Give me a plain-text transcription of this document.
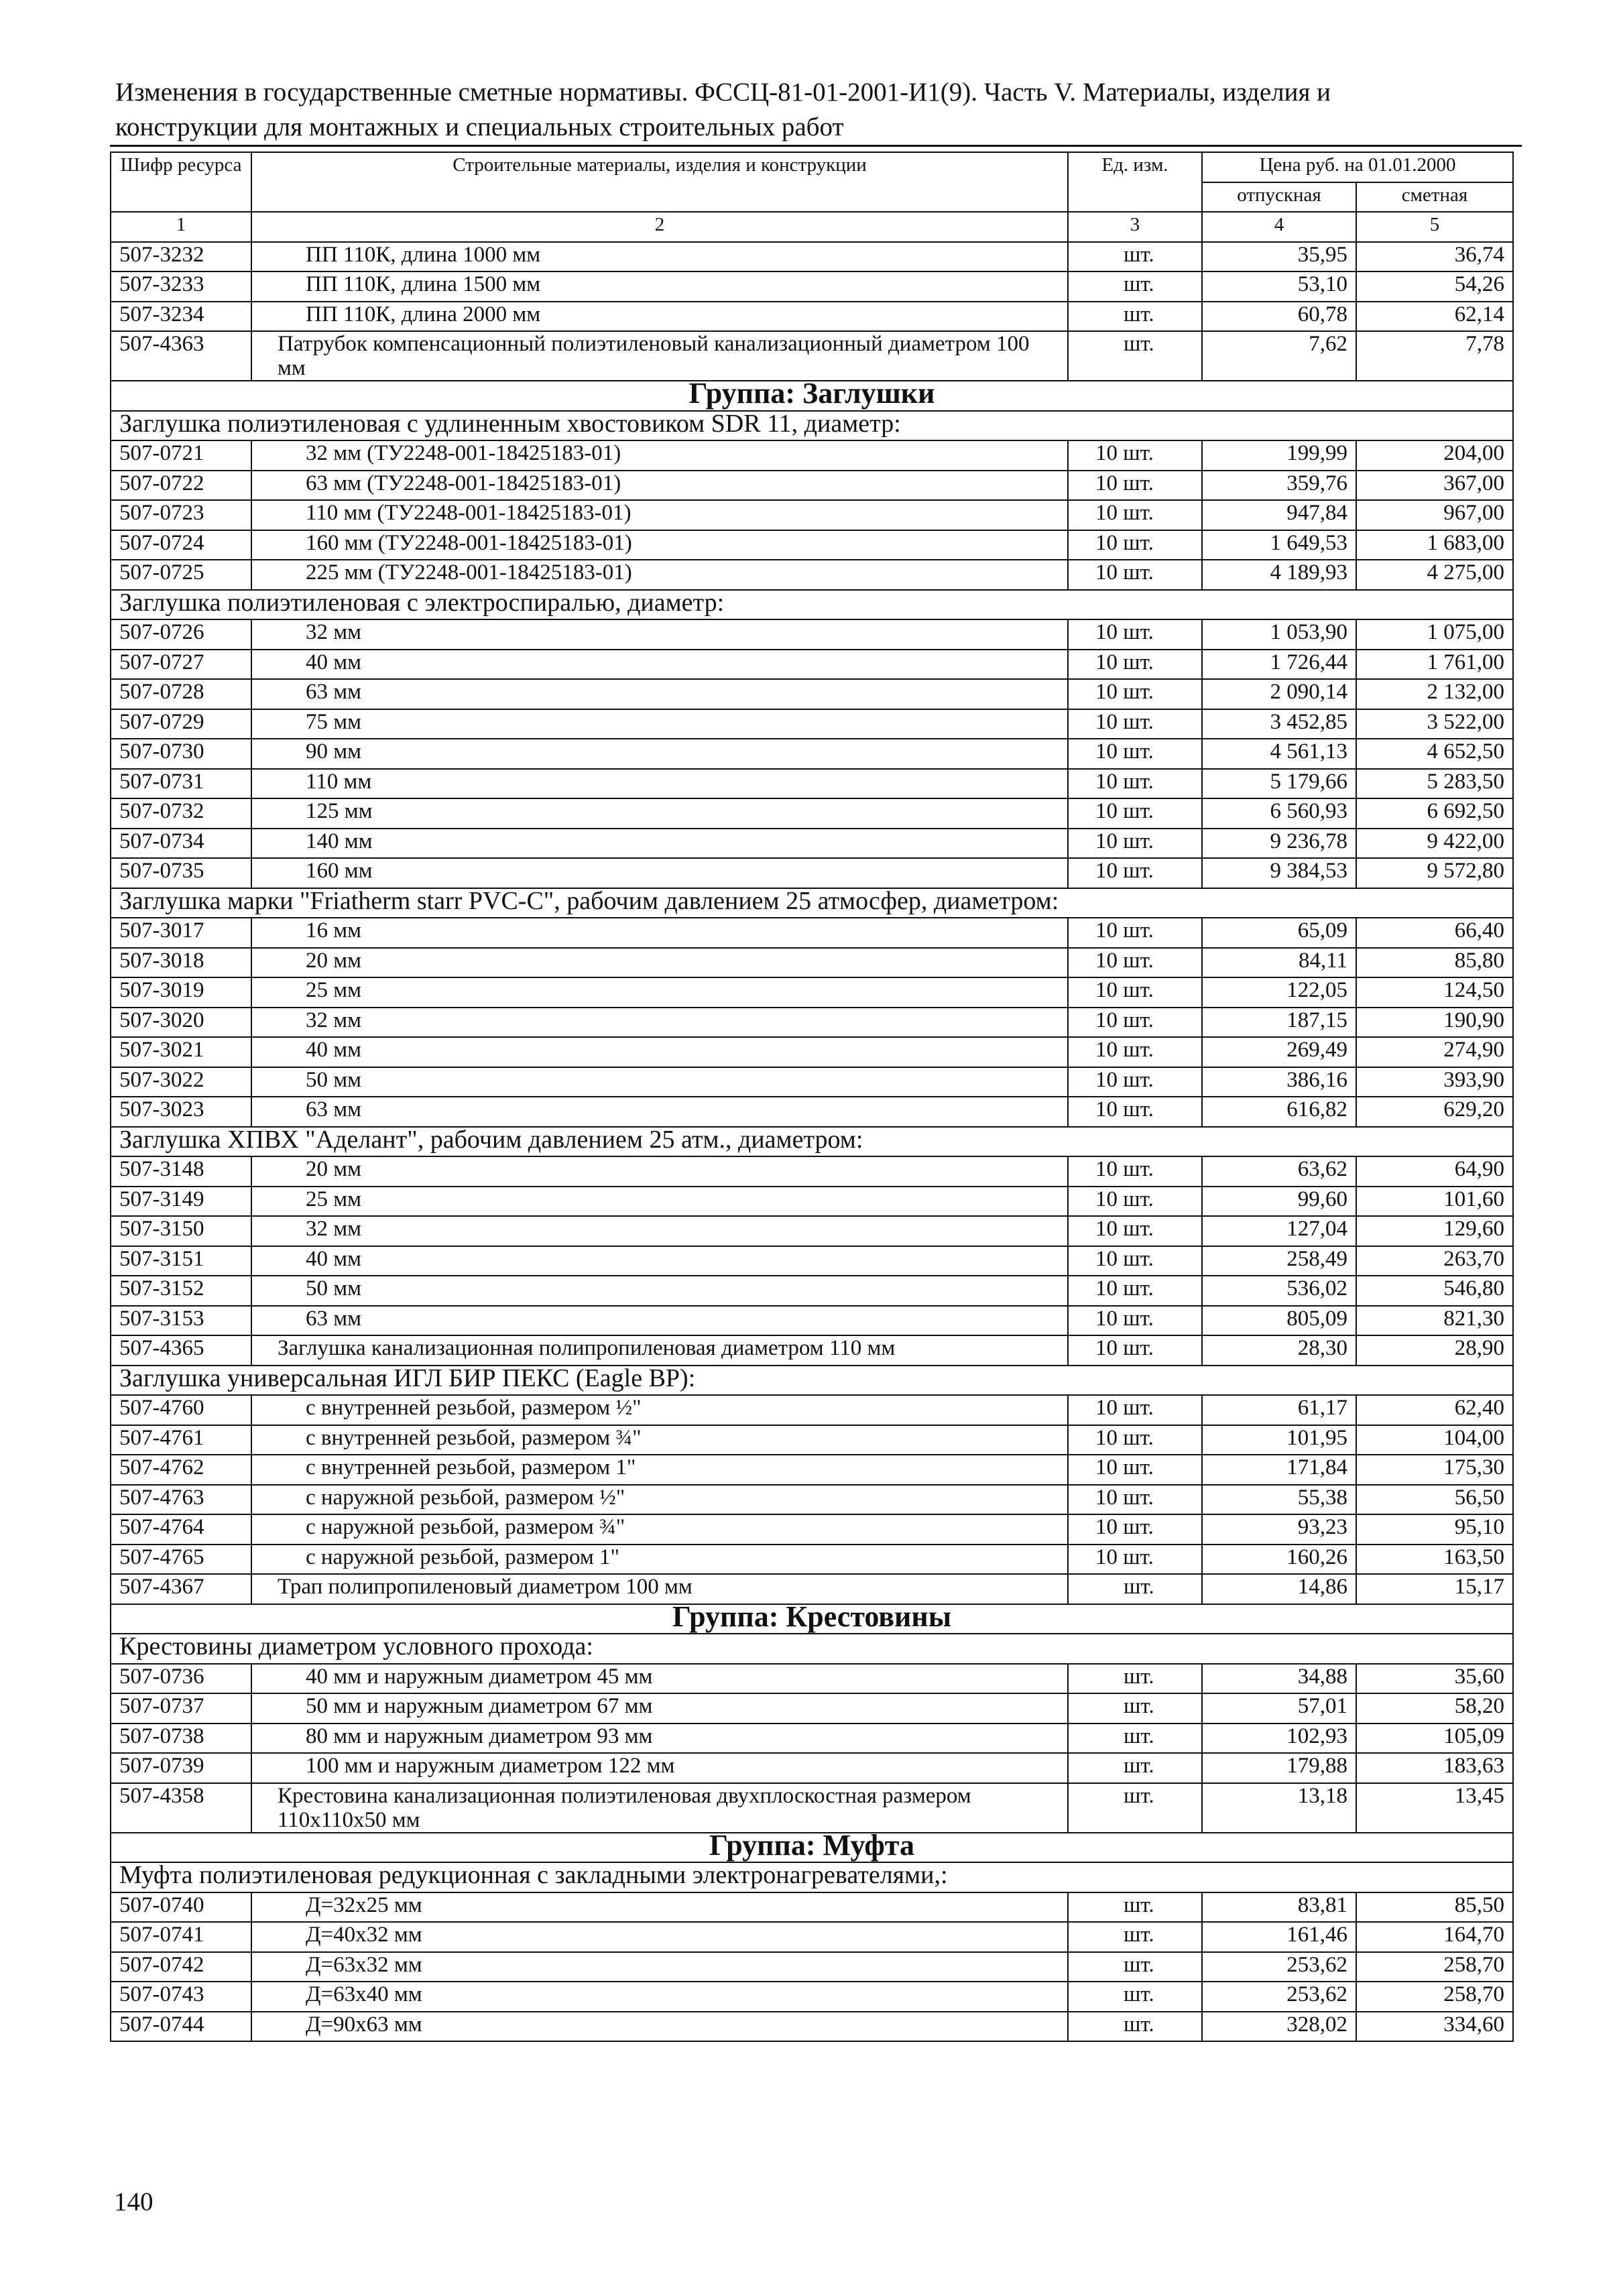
Изменения в государственные сметные нормативы. ФССЦ-81-01-2001-И1(9). Часть V. Материалы, изделия и
конструкции для монтажных и специальных строительных работ
Шифр ресурса	Строительные материалы, изделия и конструкции	Ед. изм.	Цена руб. на 01.01.2000	
			отпускная	сметная
1	2	3	4	5
507-3232	ПП 110К, длина 1000 мм	шт.	35,95	36,74
507-3233	ПП 110К, длина 1500 мм	шт.	53,10	54,26
507-3234	ПП 110К, длина 2000 мм	шт.	60,78	62,14
507-4363	Патрубок компенсационный полиэтиленовый канализационный диаметром 100 мм	шт.	7,62	7,78
Группа: Заглушки				
Заглушка полиэтиленовая с удлиненным хвостовиком SDR 11, диаметр:				
507-0721	32 мм (ТУ2248-001-18425183-01)	10 шт.	199,99	204,00
507-0722	63 мм (ТУ2248-001-18425183-01)	10 шт.	359,76	367,00
507-0723	110 мм (ТУ2248-001-18425183-01)	10 шт.	947,84	967,00
507-0724	160 мм (ТУ2248-001-18425183-01)	10 шт.	1 649,53	1 683,00
507-0725	225 мм (ТУ2248-001-18425183-01)	10 шт.	4 189,93	4 275,00
Заглушка полиэтиленовая с электроспиралью, диаметр:				
507-0726	32 мм	10 шт.	1 053,90	1 075,00
507-0727	40 мм	10 шт.	1 726,44	1 761,00
507-0728	63 мм	10 шт.	2 090,14	2 132,00
507-0729	75 мм	10 шт.	3 452,85	3 522,00
507-0730	90 мм	10 шт.	4 561,13	4 652,50
507-0731	110 мм	10 шт.	5 179,66	5 283,50
507-0732	125 мм	10 шт.	6 560,93	6 692,50
507-0734	140 мм	10 шт.	9 236,78	9 422,00
507-0735	160 мм	10 шт.	9 384,53	9 572,80
Заглушка марки "Friatherm starr PVC-C", рабочим давлением 25 атмосфер, диаметром:				
507-3017	16 мм	10 шт.	65,09	66,40
507-3018	20 мм	10 шт.	84,11	85,80
507-3019	25 мм	10 шт.	122,05	124,50
507-3020	32 мм	10 шт.	187,15	190,90
507-3021	40 мм	10 шт.	269,49	274,90
507-3022	50 мм	10 шт.	386,16	393,90
507-3023	63 мм	10 шт.	616,82	629,20
Заглушка ХПВХ "Аделант", рабочим давлением 25 атм., диаметром:				
507-3148	20 мм	10 шт.	63,62	64,90
507-3149	25 мм	10 шт.	99,60	101,60
507-3150	32 мм	10 шт.	127,04	129,60
507-3151	40 мм	10 шт.	258,49	263,70
507-3152	50 мм	10 шт.	536,02	546,80
507-3153	63 мм	10 шт.	805,09	821,30
507-4365	Заглушка канализационная полипропиленовая диаметром 110 мм	10 шт.	28,30	28,90
Заглушка универсальная ИГЛ БИР ПЕКС (Eagle BP):				
507-4760	с внутренней резьбой, размером ½"	10 шт.	61,17	62,40
507-4761	с внутренней резьбой, размером ¾"	10 шт.	101,95	104,00
507-4762	с внутренней резьбой, размером 1"	10 шт.	171,84	175,30
507-4763	с наружной резьбой, размером ½"	10 шт.	55,38	56,50
507-4764	с наружной резьбой, размером ¾"	10 шт.	93,23	95,10
507-4765	с наружной резьбой, размером 1"	10 шт.	160,26	163,50
507-4367	Трап полипропиленовый диаметром 100 мм	шт.	14,86	15,17
Группа: Крестовины				
Крестовины диаметром условного прохода:				
507-0736	40 мм и наружным диаметром 45 мм	шт.	34,88	35,60
507-0737	50 мм и наружным диаметром 67 мм	шт.	57,01	58,20
507-0738	80 мм и наружным диаметром 93 мм	шт.	102,93	105,09
507-0739	100 мм и наружным диаметром 122 мм	шт.	179,88	183,63
507-4358	Крестовина канализационная полиэтиленовая двухплоскостная размером 110х110х50 мм	шт.	13,18	13,45
Группа: Муфта				
Муфта полиэтиленовая редукционная с закладными электронагревателями,:				
507-0740	Д=32х25 мм	шт.	83,81	85,50
507-0741	Д=40х32 мм	шт.	161,46	164,70
507-0742	Д=63х32 мм	шт.	253,62	258,70
507-0743	Д=63х40 мм	шт.	253,62	258,70
507-0744	Д=90х63 мм	шт.	328,02	334,60
140
